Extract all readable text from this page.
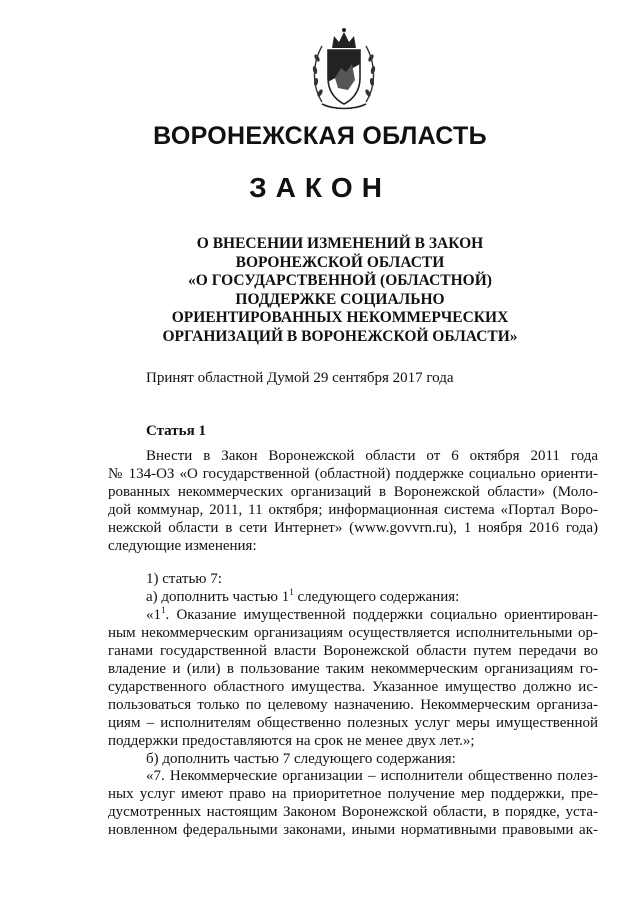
ВОРОНЕЖСКАЯ ОБЛАСТЬ
ЗАКОН
О ВНЕСЕНИИ ИЗМЕНЕНИЙ В ЗАКОН
ВОРОНЕЖСКОЙ ОБЛАСТИ
«О ГОСУДАРСТВЕННОЙ (ОБЛАСТНОЙ)
ПОДДЕРЖКЕ СОЦИАЛЬНО
ОРИЕНТИРОВАННЫХ НЕКОММЕРЧЕСКИХ
ОРГАНИЗАЦИЙ В ВОРОНЕЖСКОЙ ОБЛАСТИ»
Принят областной Думой 29 сентября 2017 года
Статья 1
Внести в Закон Воронежской области от 6 октября 2011 года
№ 134-ОЗ «О государственной (областной) поддержке социально ориенти-
рованных некоммерческих организаций в Воронежской области» (Моло-
дой коммунар, 2011, 11 октября; информационная система «Портал Воро-
нежской области в сети Интернет» (www.govvrn.ru), 1 ноября 2016 года)
следующие изменения:
1) статью 7:
а) дополнить частью $1^1$ следующего содержания:
«$1^1$. Оказание имущественной поддержки социально ориентирован-
ным некоммерческим организациям осуществляется исполнительными ор-
ганами государственной власти Воронежской области путем передачи во
владение и (или) в пользование таким некоммерческим организациям го-
сударственного областного имущества. Указанное имущество должно ис-
пользоваться только по целевому назначению. Некоммерческим организа-
циям – исполнителям общественно полезных услуг меры имущественной
поддержки предоставляются на срок не менее двух лет.»;
б) дополнить частью 7 следующего содержания:
«7. Некоммерческие организации – исполнители общественно полез-
ных услуг имеют право на приоритетное получение мер поддержки, пре-
дусмотренных настоящим Законом Воронежской области, в порядке, уста-
новленном федеральными законами, иными нормативными правовыми ак-
